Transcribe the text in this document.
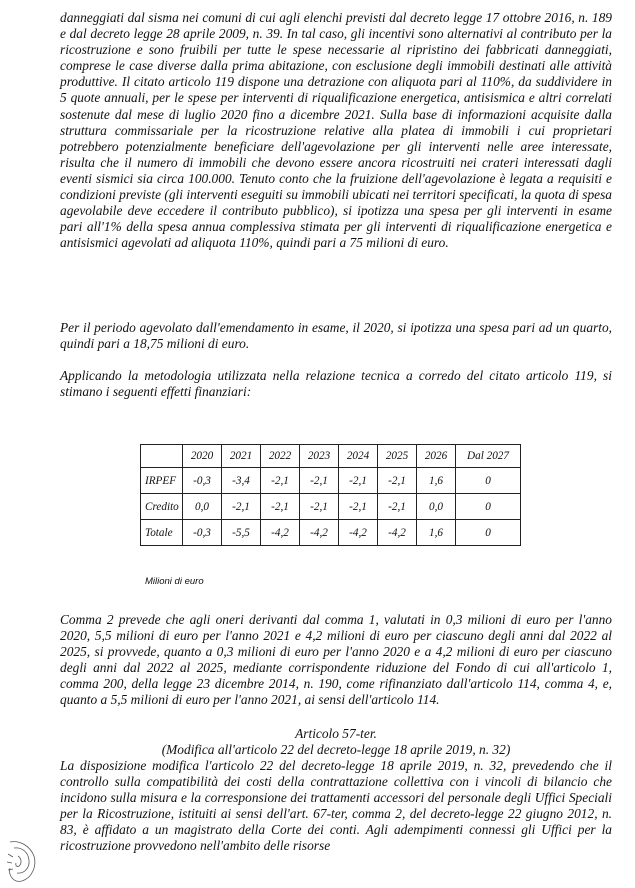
danneggiati dal sisma nei comuni di cui agli elenchi previsti dal decreto legge 17 ottobre 2016, n. 189 e dal decreto legge 28 aprile 2009, n. 39. In tal caso, gli incentivi sono alternativi al contributo per la ricostruzione e sono fruibili per tutte le spese necessarie al ripristino dei fabbricati danneggiati, comprese le case diverse dalla prima abitazione, con esclusione degli immobili destinati alle attività produttive. Il citato articolo 119 dispone una detrazione con aliquota pari al 110%, da suddividere in 5 quote annuali, per le spese per interventi di riqualificazione energetica, antisismica e altri correlati sostenute dal mese di luglio 2020 fino a dicembre 2021. Sulla base di informazioni acquisite dalla struttura commissariale per la ricostruzione relative alla platea di immobili i cui proprietari potrebbero potenzialmente beneficiare dell'agevolazione per gli interventi nelle aree interessate, risulta che il numero di immobili che devono essere ancora ricostruiti nei crateri interessati dagli eventi sismici sia circa 100.000. Tenuto conto che la fruizione dell'agevolazione è legata a requisiti e condizioni previste (gli interventi eseguiti su immobili ubicati nei territori specificati, la quota di spesa agevolabile deve eccedere il contributo pubblico), si ipotizza una spesa per gli interventi in esame pari all'1% della spesa annua complessiva stimata per gli interventi di riqualificazione energetica e antisismici agevolati ad aliquota 110%, quindi pari a 75 milioni di euro.

Per il periodo agevolato dall'emendamento in esame, il 2020, si ipotizza una spesa pari ad un quarto, quindi pari a 18,75 milioni di euro.

Applicando la metodologia utilizzata nella relazione tecnica a corredo del citato articolo 119, si stimano i seguenti effetti finanziari:

	2020	2021	2022	2023	2024	2025	2026	Dal 2027
IRPEF	-0,3	-3,4	-2,1	-2,1	-2,1	-2,1	1,6	0
Credito	0,0	-2,1	-2,1	-2,1	-2,1	-2,1	0,0	0
Totale	-0,3	-5,5	-4,2	-4,2	-4,2	-4,2	1,6	0
Milioni di euro

Comma 2 prevede che agli oneri derivanti dal comma 1, valutati in 0,3 milioni di euro per l'anno 2020, 5,5 milioni di euro per l'anno 2021 e 4,2 milioni di euro per ciascuno degli anni dal 2022 al 2025, si provvede, quanto a 0,3 milioni di euro per l'anno 2020 e a 4,2 milioni di euro per ciascuno degli anni dal 2022 al 2025, mediante corrispondente riduzione del Fondo di cui all'articolo 1, comma 200, della legge 23 dicembre 2014, n. 190, come rifinanziato dall'articolo 114, comma 4, e, quanto a 5,5 milioni di euro per l'anno 2021, ai sensi dell'articolo 114.

Articolo 57-ter.

(Modifica all'articolo 22 del decreto-legge 18 aprile 2019, n. 32)

La disposizione modifica l'articolo 22 del decreto-legge 18 aprile 2019, n. 32, prevedendo che il controllo sulla compatibilità dei costi della contrattazione collettiva con i vincoli di bilancio che incidono sulla misura e la corresponsione dei trattamenti accessori del personale degli Uffici Speciali per la Ricostruzione, istituiti ai sensi dell'art. 67-ter, comma 2, del decreto-legge 22 giugno 2012, n. 83, è affidato a un magistrato della Corte dei conti. Agli adempimenti connessi gli Uffici per la ricostruzione provvedono nell'ambito delle risorse
